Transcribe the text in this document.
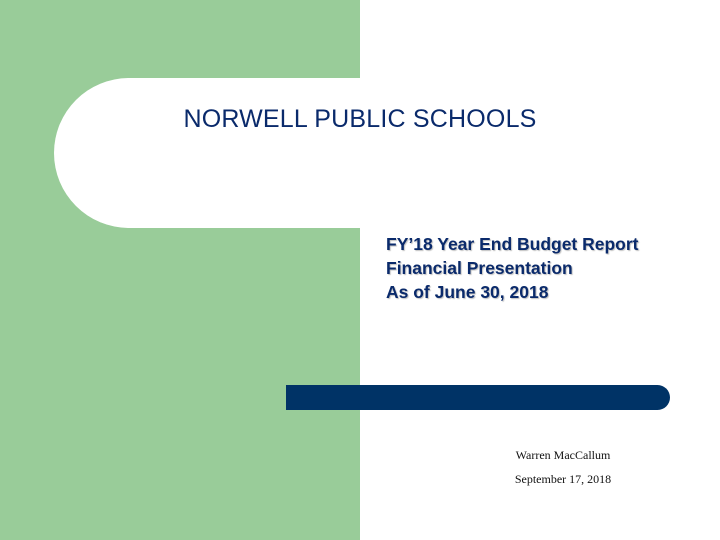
NORWELL PUBLIC SCHOOLS
FY’18 Year End Budget Report
Financial Presentation
As of June 30, 2018
Warren MacCallum
September 17, 2018
